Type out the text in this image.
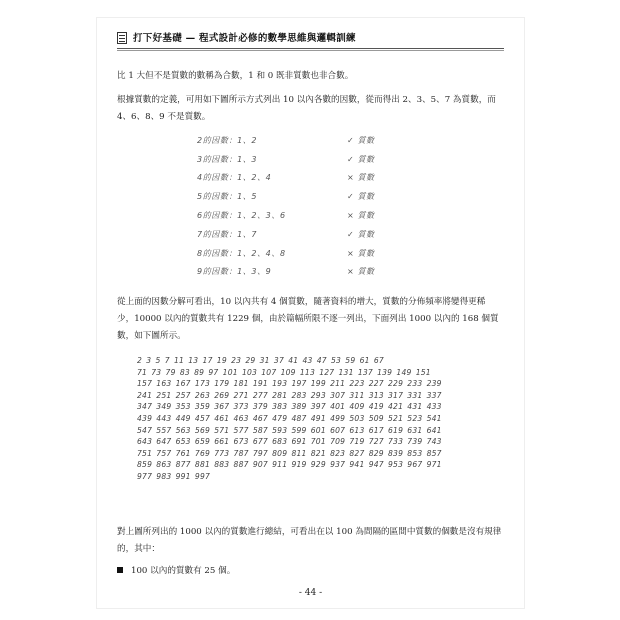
打下好基礎 — 程式設計必修的數學思維與邏輯訓練
比 1 大但不是質數的數稱為合數，1 和 0 既非質數也非合數。
根據質數的定義，可用如下圖所示方式列出 10 以內各數的因數，從而得出 2、3、5、7 為質數，而 4、6、8、9 不是質數。
2的因數：1、2	✓ 質數
3的因數：1、3	✓ 質數
4的因數：1、2、4	× 質數
5的因數：1、5	✓ 質數
6的因數：1、2、3、6	× 質數
7的因數：1、7	✓ 質數
8的因數：1、2、4、8	× 質數
9的因數：1、3、9	× 質數
從上面的因數分解可看出，10 以內共有 4 個質數，隨著資料的增大，質數的分佈頻率將變得更稀少，10000 以內的質數共有 1229 個，由於篇幅所限不逐一列出，下面列出 1000 以內的 168 個質數，如下圖所示。
2 3 5 7 11 13 17 19 23 29 31 37 41 43 47 53 59 61 67
71 73 79 83 89 97 101 103 107 109 113 127 131 137 139 149 151
157 163 167 173 179 181 191 193 197 199 211 223 227 229 233 239
241 251 257 263 269 271 277 281 283 293 307 311 313 317 331 337
347 349 353 359 367 373 379 383 389 397 401 409 419 421 431 433
439 443 449 457 461 463 467 479 487 491 499 503 509 521 523 541
547 557 563 569 571 577 587 593 599 601 607 613 617 619 631 641
643 647 653 659 661 673 677 683 691 701 709 719 727 733 739 743
751 757 761 769 773 787 797 809 811 821 823 827 829 839 853 857
859 863 877 881 883 887 907 911 919 929 937 941 947 953 967 971
977 983 991 997
對上圖所列出的 1000 以內的質數進行總結，可看出在以 100 為間隔的區間中質數的個數是沒有規律的，其中：
100 以內的質數有 25 個。
- 44 -
